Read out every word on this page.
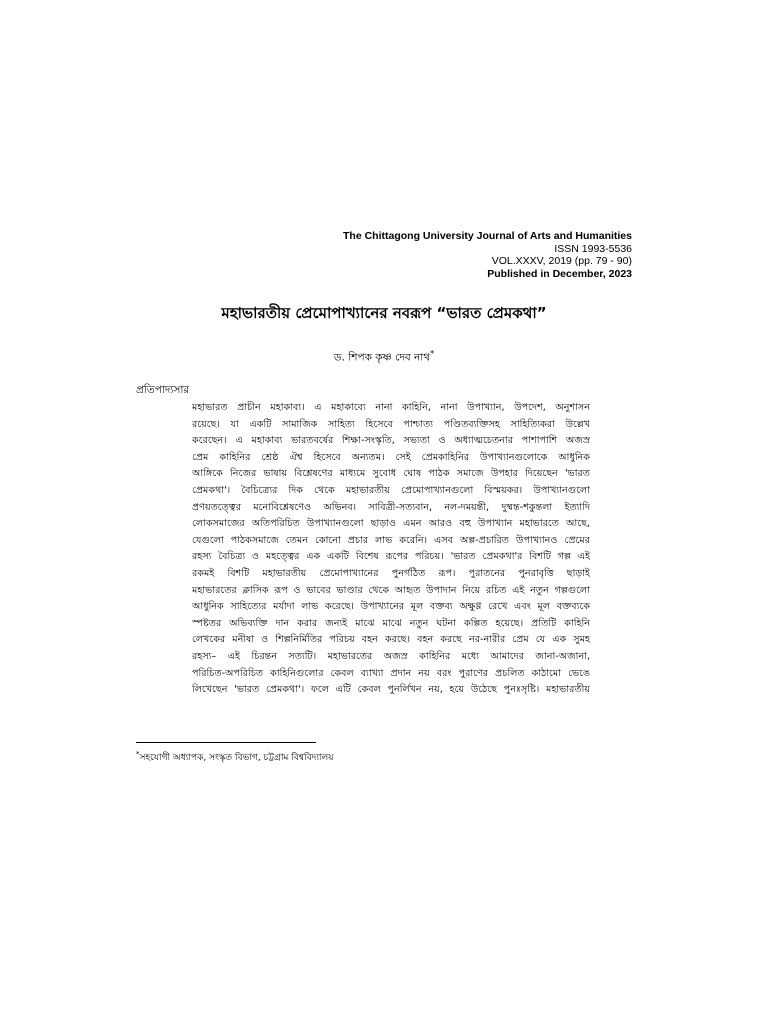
The Chittagong University Journal of Arts and Humanities
ISSN 1993-5536
VOL.XXXV, 2019 (pp. 79 - 90)
Published in December, 2023
মহাভারতীয় প্রেমোপাখ্যানের নবরূপ “ভারত প্রেমকথা”
ড. শিপক কৃষ্ণ দেব নাথ*
প্রতিপাদ্যসার
মহাভারত প্রাচীন মহাকাব্য। এ মহাকাব্যে নানা কাহিনি, নানা উপাখ্যান, উপদেশ, অনুশাসন
রয়েছে। যা একটি সামাজিক সাহিত্য হিসেবে পাশ্চাত্য পণ্ডিতব্যক্তিসহ সাহিত্যিকরা উল্লেখ
করেছেন। এ মহাকাব্য ভারতবর্ষের শিক্ষা-সংস্কৃতি, সভ্যতা ও অধ্যাত্মচেতনার পাশাপাশি অজস্র
প্রেম কাহিনির শ্রেষ্ঠ ঐশ্ব হিসেবে অন্যতম। সেই প্রেমকাহিনির উপাখ্যানগুলোকে আধুনিক
আঙ্গিকে নিজের ভাষায় বিশ্লেষণের মাধ্যমে সুবোধ ঘোষ পাঠক সমাজে উপহার দিয়েছেন 'ভারত
প্রেমকথা'। বৈচিত্র্যের দিক থেকে মহাভারতীয় প্রেমোপাখ্যানগুলো বিস্ময়কর। উপাখ্যানগুলো
প্রণয়তত্ত্বের মনোবিশ্লেষণেও অভিনব। সাবিত্রী-সত্যবান, নল-দময়ন্তী, দুষ্মন্ত-শকুন্তলা ইত্যাদি
লোকসমাজের অতিপরিচিত উপাখ্যানগুলো ছাড়াও এমন আরও বহু উপাখ্যান মহাভারতে আছে,
যেগুলো পাঠকসমাজে তেমন কোনো প্রচার লাভ করেনি। এসব অল্প-প্রচারিত উপাখ্যানও প্রেমের
রহস্য বৈচিত্র্য ও মহত্ত্বের এক একটি বিশেষ রূপের পরিচয়। 'ভারত প্রেমকথা'র বিশটি গল্প এই
রকমই বিশটি মহাভারতীয় প্রেমোপাখ্যানের পুনর্গঠিত রূপ। পুরাতনের পুনরাবৃত্তি ছাড়াই
মহাভারতের ক্লাসিক রূপ ও ভাবের ভাণ্ডার থেকে আহৃত উপাদান নিয়ে রচিত এই নতুন গল্পগুলো
আধুনিক সাহিত্যের মর্যাদা লাভ করেছে। উপাখ্যানের মূল বক্তব্য অক্ষুণ্ণ রেখে এবং মূল বক্তব্যকে
স্পষ্টতর অভিব্যক্তি দান করার জন্যই মাঝে মাঝে নতুন ঘটনা কল্পিত হয়েছে। প্রতিটি কাহিনি
লেখকের মনীষা ও শিল্পনির্মিতির পরিচয় বহন করছে। বহন করছে নর-নারীর প্রেম যে এক সুমহ
রহস্য– এই চিরন্তন সত্যটি। মহাভারতের অজস্র কাহিনির মধ্যে আমাদের জানা-অজানা,
পরিচিত-অপরিচিত কাহিনিগুলোর কেবল ব্যাখ্যা প্রদান নয় বরং পুরাণের প্রচলিত কাঠামো ভেঙে
লিখেছেন 'ভারত প্রেমকথা'। ফলে এটি কেবল পুনর্লিখন নয়, হয়ে উঠেছে পুনঃসৃষ্টি। মহাভারতীয়
*সহযোগী অধ্যাপক, সংস্কৃত বিভাগ, চট্টগ্রাম বিশ্ববিদ্যালয়
